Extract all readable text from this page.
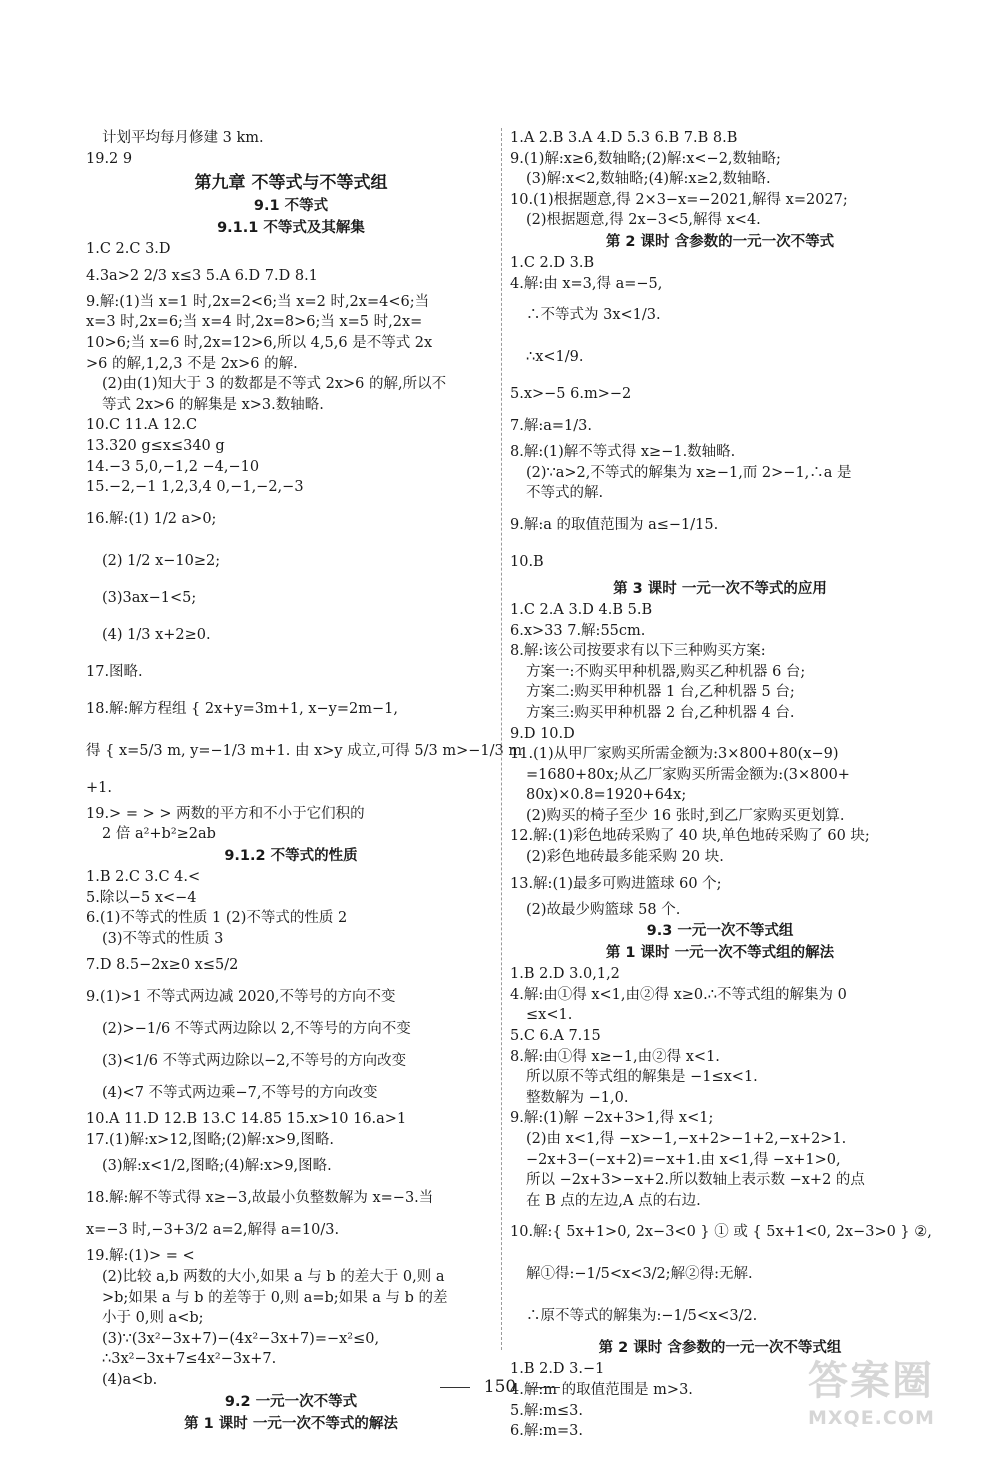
计划平均每月修建 3 km.
19.2 9
第九章 不等式与不等式组
9.1 不等式
9.1.1 不等式及其解集
1.C 2.C 3.D
4.3a>2 2/3 x≤3 5.A 6.D 7.D 8.1
9.解:(1)当 x=1 时,2x=2<6;当 x=2 时,2x=4<6;当
x=3 时,2x=6;当 x=4 时,2x=8>6;当 x=5 时,2x=
10>6;当 x=6 时,2x=12>6,所以 4,5,6 是不等式 2x
>6 的解,1,2,3 不是 2x>6 的解.
(2)由(1)知大于 3 的数都是不等式 2x>6 的解,所以不
等式 2x>6 的解集是 x>3.数轴略.
10.C 11.A 12.C
13.320 g≤x≤340 g
14.−3 5,0,−1,2 −4,−10
15.−2,−1 1,2,3,4 0,−1,−2,−3
16.解:(1) 1/2 a>0;
(2) 1/2 x−10≥2;
(3)3ax−1<5;
(4) 1/3 x+2≥0.
17.图略.
18.解:解方程组 { 2x+y=3m+1, x−y=2m−1,
得 { x=5/3 m, y=−1/3 m+1. 由 x>y 成立,可得 5/3 m>−1/3 m
+1.
19.> = > > 两数的平方和不小于它们积的
2 倍 a²+b²≥2ab
9.1.2 不等式的性质
1.B 2.C 3.C 4.<
5.除以−5 x<−4
6.(1)不等式的性质 1 (2)不等式的性质 2
(3)不等式的性质 3
7.D 8.5−2x≥0 x≤5/2
9.(1)>1 不等式两边减 2020,不等号的方向不变
(2)>−1/6 不等式两边除以 2,不等号的方向不变
(3)<1/6 不等式两边除以−2,不等号的方向改变
(4)<7 不等式两边乘−7,不等号的方向改变
10.A 11.D 12.B 13.C 14.85 15.x>10 16.a>1
17.(1)解:x>12,图略;(2)解:x>9,图略.
(3)解:x<1/2,图略;(4)解:x>9,图略.
18.解:解不等式得 x≥−3,故最小负整数解为 x=−3.当
x=−3 时,−3+3/2 a=2,解得 a=10/3.
19.解:(1)> = <
(2)比较 a,b 两数的大小,如果 a 与 b 的差大于 0,则 a
>b;如果 a 与 b 的差等于 0,则 a=b;如果 a 与 b 的差
小于 0,则 a<b;
(3)∵(3x²−3x+7)−(4x²−3x+7)=−x²≤0,
∴3x²−3x+7≤4x²−3x+7.
(4)a<b.
9.2 一元一次不等式
第 1 课时 一元一次不等式的解法
1.A 2.B 3.A 4.D 5.3 6.B 7.B 8.B
9.(1)解:x≥6,数轴略;(2)解:x<−2,数轴略;
(3)解:x<2,数轴略;(4)解:x≥2,数轴略.
10.(1)根据题意,得 2×3−x=−2021,解得 x=2027;
(2)根据题意,得 2x−3<5,解得 x<4.
第 2 课时 含参数的一元一次不等式
1.C 2.D 3.B
4.解:由 x=3,得 a=−5,
∴不等式为 3x<1/3.
∴x<1/9.
5.x>−5 6.m>−2
7.解:a=1/3.
8.解:(1)解不等式得 x≥−1.数轴略.
(2)∵a>2,不等式的解集为 x≥−1,而 2>−1,∴a 是
不等式的解.
9.解:a 的取值范围为 a≤−1/15.
10.B
第 3 课时 一元一次不等式的应用
1.C 2.A 3.D 4.B 5.B
6.x>33 7.解:55cm.
8.解:该公司按要求有以下三种购买方案:
方案一:不购买甲种机器,购买乙种机器 6 台;
方案二:购买甲种机器 1 台,乙种机器 5 台;
方案三:购买甲种机器 2 台,乙种机器 4 台.
9.D 10.D
11.(1)从甲厂家购买所需金额为:3×800+80(x−9)
=1680+80x;从乙厂家购买所需金额为:(3×800+
80x)×0.8=1920+64x;
(2)购买的椅子至少 16 张时,到乙厂家购买更划算.
12.解:(1)彩色地砖采购了 40 块,单色地砖采购了 60 块;
(2)彩色地砖最多能采购 20 块.
13.解:(1)最多可购进篮球 60 个;
(2)故最少购篮球 58 个.
9.3 一元一次不等式组
第 1 课时 一元一次不等式组的解法
1.B 2.D 3.0,1,2
4.解:由①得 x<1,由②得 x≥0.∴不等式组的解集为 0
≤x<1.
5.C 6.A 7.15
8.解:由①得 x≥−1,由②得 x<1.
所以原不等式组的解集是 −1≤x<1.
整数解为 −1,0.
9.解:(1)解 −2x+3>1,得 x<1;
(2)由 x<1,得 −x>−1,−x+2>−1+2,−x+2>1.
−2x+3−(−x+2)=−x+1.由 x<1,得 −x+1>0,
所以 −2x+3>−x+2.所以数轴上表示数 −x+2 的点
在 B 点的左边,A 点的右边.
10.解:{ 5x+1>0, 2x−3<0 } ① 或 { 5x+1<0, 2x−3>0 } ②,
解①得:−1/5<x<3/2;解②得:无解.
∴原不等式的解集为:−1/5<x<3/2.
第 2 课时 含参数的一元一次不等式组
1.B 2.D 3.−1
4.解:m 的取值范围是 m>3.
5.解:m≤3.
6.解:m=3.
150	答案圈
MXQE.COM
